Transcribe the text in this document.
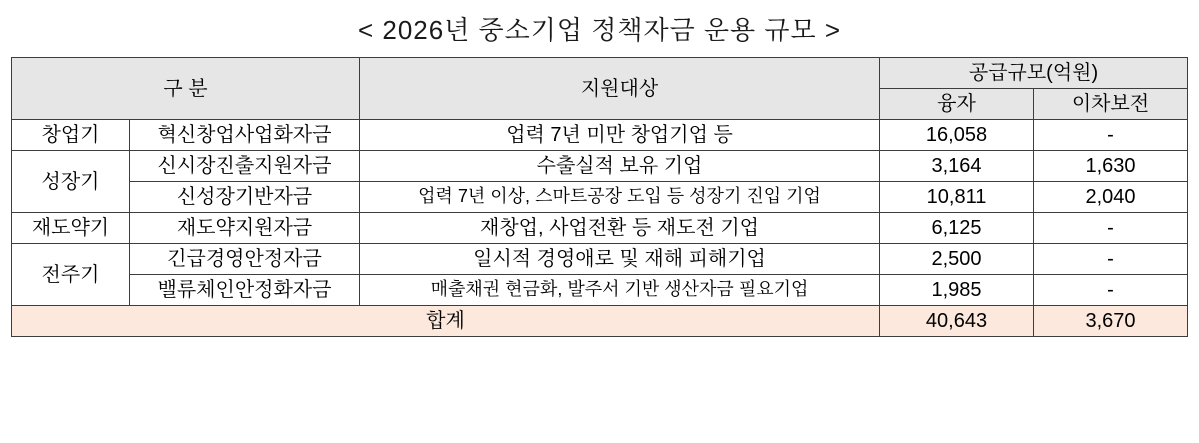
< 2026년 중소기업 정책자금 운용 규모 >
구 분		지원대상	공급규모(억원)	
			융자	이차보전
창업기	혁신창업사업화자금	업력 7년 미만 창업기업 등	16,058	-
성장기	신시장진출지원자금	수출실적 보유 기업	3,164	1,630
	신성장기반자금	업력 7년 이상, 스마트공장 도입 등 성장기 진입 기업	10,811	2,040
재도약기	재도약지원자금	재창업, 사업전환 등 재도전 기업	6,125	-
전주기	긴급경영안정자금	일시적 경영애로 및 재해 피해기업	2,500	-
	밸류체인안정화자금	매출채권 현금화, 발주서 기반 생산자금 필요기업	1,985	-
합계			40,643	3,670
